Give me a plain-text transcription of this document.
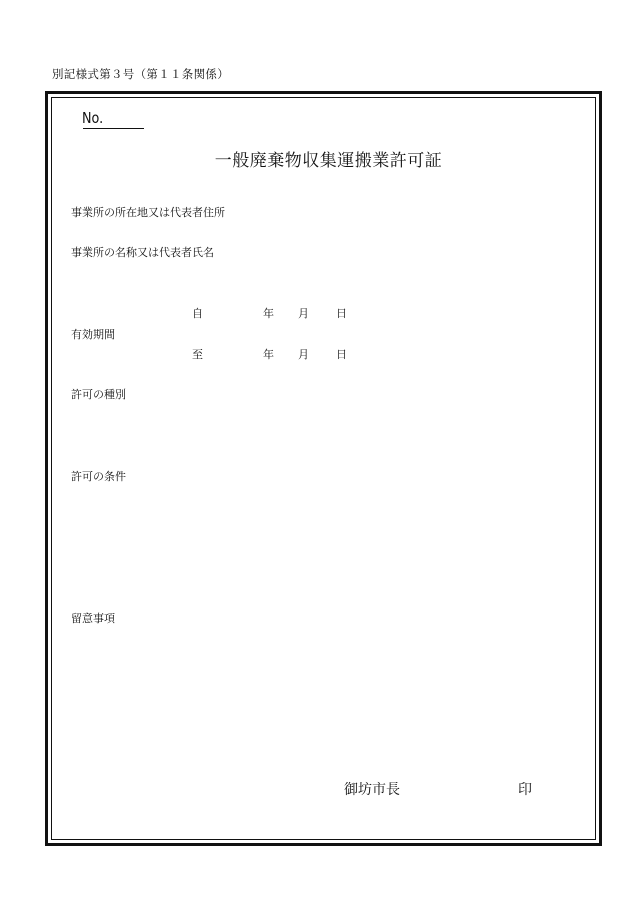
別記様式第３号（第１１条関係）
No.
一般廃棄物収集運搬業許可証
事業所の所在地又は代表者住所
事業所の名称又は代表者氏名
自	年 月 日
有効期間
至	年 月 日
許可の種別
許可の条件
留意事項
御坊市長	印
